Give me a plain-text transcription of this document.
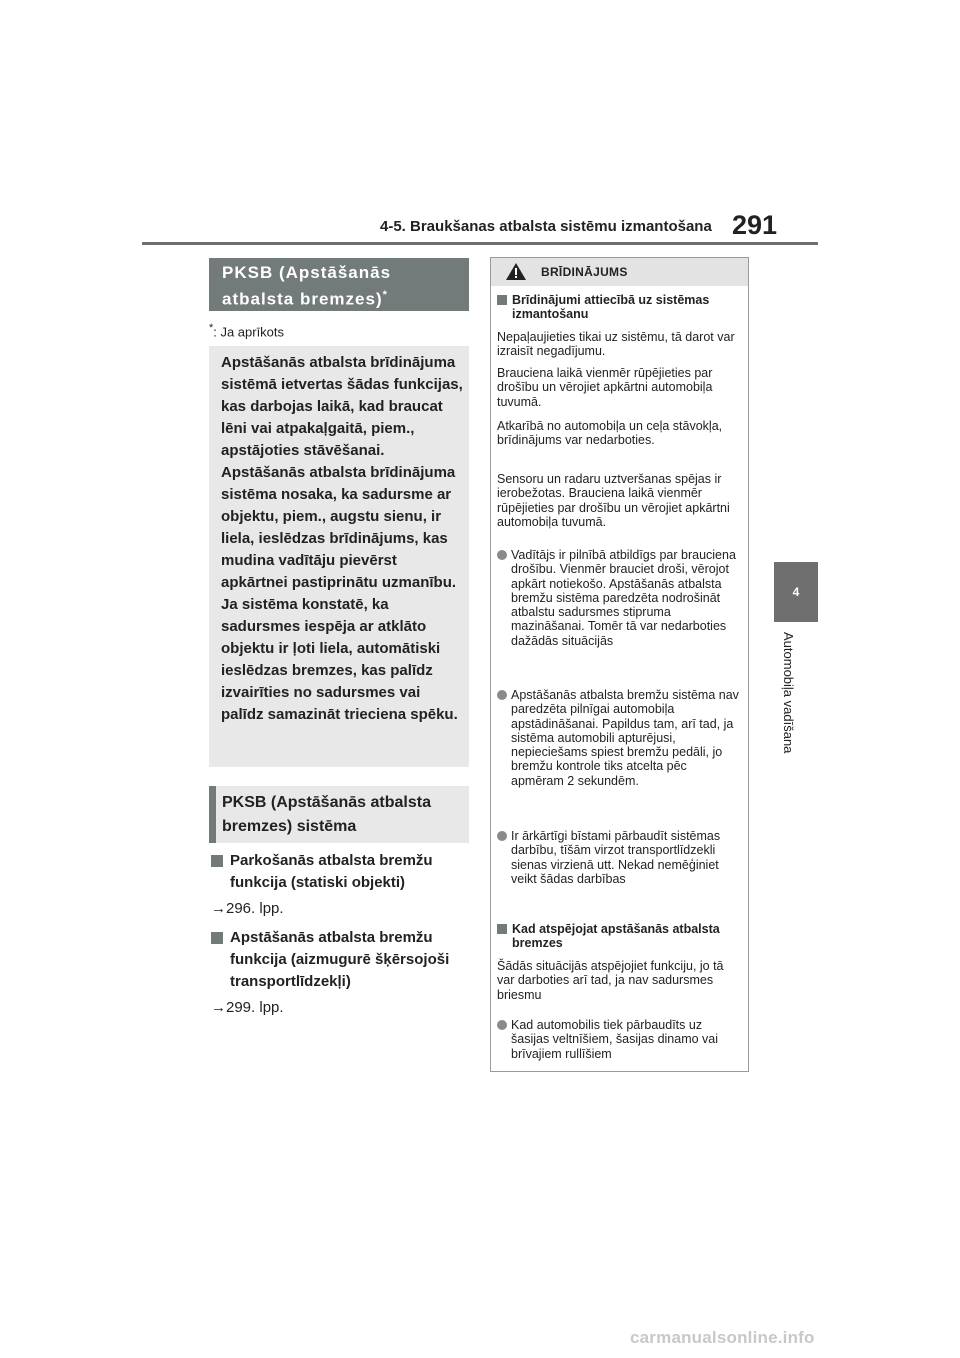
4-5. Braukšanas atbalsta sistēmu izmantošana 291
4
Automobiļa vadīšana
PKSB (Apstāšanās
atbalsta bremzes)*
*: Ja aprīkots
Apstāšanās atbalsta brīdinājuma sistēmā ietvertas šādas funkcijas, kas darbojas laikā, kad braucat lēni vai atpakaļgaitā, piem., apstājoties stāvēšanai. Apstāšanās atbalsta brīdinājuma sistēma nosaka, ka sadursme ar objektu, piem., augstu sienu, ir liela, ieslēdzas brīdinājums, kas mudina vadītāju pievērst apkārtnei pastiprinātu uzmanību. Ja sistēma konstatē, ka sadursmes iespēja ar atklāto objektu ir ļoti liela, automātiski ieslēdzas bremzes, kas palīdz izvairīties no sadursmes vai palīdz samazināt trieciena spēku.
PKSB (Apstāšanās atbalsta
bremzes) sistēma
Parkošanās atbalsta bremžu funkcija (statiski objekti)
→296. lpp.
Apstāšanās atbalsta bremžu funkcija (aizmugurē šķērsojoši transportlīdzekļi)
→299. lpp.
BRĪDINĀJUMS
Brīdinājumi attiecībā uz sistēmas izmantošanu
Nepaļaujieties tikai uz sistēmu, tā darot var izraisīt negadījumu.
Brauciena laikā vienmēr rūpējieties par drošību un vērojiet apkārtni automobiļa tuvumā.
Atkarībā no automobiļa un ceļa stāvokļa, brīdinājums var nedarboties.
Sensoru un radaru uztveršanas spējas ir ierobežotas. Brauciena laikā vienmēr rūpējieties par drošību un vērojiet apkārtni automobiļa tuvumā.
Vadītājs ir pilnībā atbildīgs par brauciena drošību. Vienmēr brauciet droši, vērojot apkārt notiekošo. Apstāšanās atbalsta bremžu sistēma paredzēta nodrošināt atbalstu sadursmes stipruma mazināšanai. Tomēr tā var nedarboties dažādās situācijās
Apstāšanās atbalsta bremžu sistēma nav paredzēta pilnīgai automobiļa apstādināšanai. Papildus tam, arī tad, ja sistēma automobili apturējusi, nepieciešams spiest bremžu pedāli, jo bremžu kontrole tiks atcelta pēc apmēram 2 sekundēm.
Ir ārkārtīgi bīstami pārbaudīt sistēmas darbību, tīšām virzot transportlīdzekli sienas virzienā utt. Nekad nemēģiniet veikt šādas darbības
Kad atspējojat apstāšanās atbalsta bremzes
Šādās situācijās atspējojiet funkciju, jo tā var darboties arī tad, ja nav sadursmes briesmu
Kad automobilis tiek pārbaudīts uz šasijas veltnīšiem, šasijas dinamo vai brīvajiem rullīšiem
carmanualsonline.info
